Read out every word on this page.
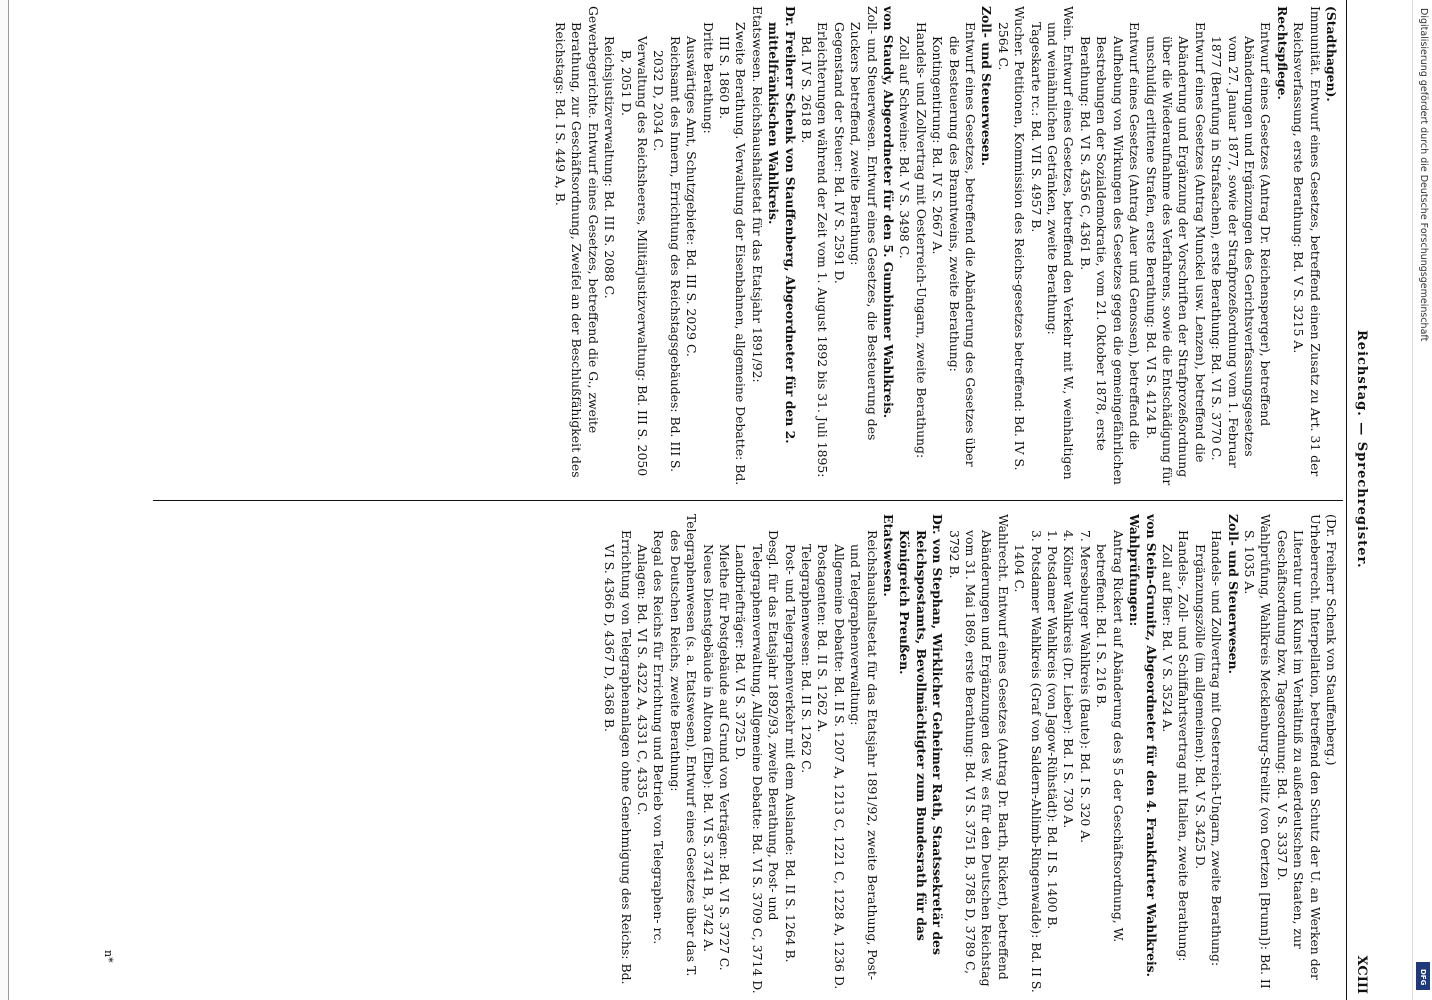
Reichstag. — Sprechregister.
XCIII

(Stadthagen).

Immunität. Entwurf eines Gesetzes, betreffend einen Zusatz zu Art. 31 der Reichsverfassung, erste Berathung: Bd. V S. 3215 A.

Rechtspflege.

Entwurf eines Gesetzes (Antrag Dr. Reichensperger), betreffend Abänderungen und Ergänzungen des Gerichtsverfassungsgesetzes vom 27. Januar 1877, sowie der Strafprozeßordnung vom 1. Februar 1877 (Berufung in Strafsachen), erste Berathung: Bd. VI S. 3770 C.

Entwurf eines Gesetzes (Antrag Munckel usw. Lenzen), betreffend die Abänderung und Ergänzung der Vorschriften der Strafprozeßordnung über die Wiederaufnahme des Verfahrens, sowie die Entschädigung für unschuldig erlittene Strafen, erste Berathung: Bd. VI S. 4124 B.

Entwurf eines Gesetzes (Antrag Auer und Genossen), betreffend die Aufhebung von Wirkungen des Gesetzes gegen die gemeingefährlichen Bestrebungen der Sozialdemokratie, vom 21. Oktober 1878, erste Berathung: Bd. VI S. 4356 C, 4361 B.

Wein. Entwurf eines Gesetzes, betreffend den Verkehr mit W., weinhaltigen und weinähnlichen Getränken, zweite Berathung:

Tageskarte rc.: Bd. VII S. 4957 B.

Wucher. Petitionen, Kommission des Reichs-gesetzes betreffend: Bd. IV S. 2564 C.

Zoll- und Steuerwesen.

Entwurf eines Gesetzes, betreffend die Abänderung des Gesetzes über die Besteuerung des Branntweins, zweite Berathung:

Kontingentirung: Bd. IV S. 2667 A.

Handels- und Zollvertrag mit Oesterreich-Ungarn, zweite Berathung:

Zoll auf Schweine: Bd. V S. 3498 C.

von Staudy, Abgeordneter für den 5. Gumbinner Wahlkreis.

Zoll- und Steuerwesen. Entwurf eines Gesetzes, die Besteuerung des Zuckers betreffend, zweite Berathung:

Gegenstand der Steuer: Bd. IV S. 2591 D.

Erleichterungen während der Zeit vom 1. August 1892 bis 31. Juli 1895: Bd. IV S. 2618 B.

Dr. Freiherr Schenk von Stauffenberg, Abgeordneter für den 2. mittelfränkischen Wahlkreis.

Etatswesen. Reichshaushaltsetat für das Etatsjahr 1891/92:

Zweite Berathung. Verwaltung der Eisenbahnen, allgemeine Debatte: Bd. III S. 1860 B.

Dritte Berathung:

Auswärtiges Amt, Schutzgebiete: Bd. III S. 2029 C.

Reichsamt des Innern, Errichtung des Reichstagsgebäudes: Bd. III S. 2032 D, 2034 C.

Verwaltung des Reichsheeres, Militärjustizverwaltung: Bd. III S. 2050 B, 2051 D.

Reichsjustizverwaltung: Bd. III S. 2088 C.

Gewerbegerichte. Entwurf eines Gesetzes, betreffend die G., zweite Berathung, zur Geschäftsordnung, Zweifel an der Beschlußfähigkeit des Reichstags: Bd. I S. 449 A, B.

(Dr. Freiherr Schenk von Stauffenberg.)

Urheberrecht. Interpellation, betreffend den Schutz der U. an Werken der Literatur und Kunst im Verhältniß zu außerdeutschen Staaten, zur Geschäftsordnung bzw. Tagesordnung: Bd. V S. 3337 D.

Wahlprüfung, Wahlkreis Mecklenburg-Strelitz (von Oertzen [Brunn]): Bd. II S. 1035 A.

Zoll- und Steuerwesen.

Handels- und Zollvertrag mit Oesterreich-Ungarn, zweite Berathung:

Ergänzungszölle (im allgemeinen): Bd. V S. 3425 D.

Handels-, Zoll- und Schiffahrtsvertrag mit Italien, zweite Berathung:

Zoll auf Bier: Bd. V S. 3524 A.

von Stein-Grunitz, Abgeordneter für den 4. Frankfurter Wahlkreis.

Wahlprüfungen:

Antrag Rickert auf Abänderung des § 5 der Geschäftsordnung, W. betreffend: Bd. I S. 216 B.

7. Merseburger Wahlkreis (Baute): Bd. I S. 320 A.

4. Kölner Wahlkreis (Dr. Lieber): Bd. I S. 730 A.

1. Potsdamer Wahlkreis (von Jagow-Rühstädt): Bd. II S. 1400 B.

3. Potsdamer Wahlkreis (Graf von Saldern-Ahlimb-Ringenwalde): Bd. II S. 1404 C.

Wahlrecht. Entwurf eines Gesetzes (Antrag Dr. Barth, Rickert), betreffend Abänderungen und Ergänzungen des W. es für den Deutschen Reichstag vom 31. Mai 1869, erste Berathung: Bd. VI S. 3751 B, 3785 D, 3789 C, 3792 B.

Dr. von Stephan, Wirklicher Geheimer Rath, Staatssekretär des Reichspostamts, Bevollmächtigter zum Bundesrath für das Königreich Preußen.

Etatswesen.

Reichshaushaltsetat für das Etatsjahr 1891/92, zweite Berathung, Post- und Telegraphenverwaltung:

Allgemeine Debatte: Bd. II S. 1207 A, 1213 C, 1221 C, 1228 A, 1236 D.

Postagenten: Bd. II S. 1262 A.

Telegraphenwesen: Bd. II S. 1262 C.

Post- und Telegraphenverkehr mit dem Auslande: Bd. II S. 1264 B.

Desgl. für das Etatsjahr 1892/93, zweite Berathung, Post- und Telegraphenverwaltung, Allgemeine Debatte: Bd. VI S. 3709 C, 3714 D.

Landbriefträger: Bd. VI S. 3725 D.

Miethe für Postgebäude auf Grund von Verträgen: Bd. VI S. 3727 C.

Neues Dienstgebäude in Altona (Elbe): Bd. VI S. 3741 B, 3742 A.

Telegraphenwesen (s. a. Etatswesen). Entwurf eines Gesetzes über das T. des Deutschen Reichs, zweite Berathung:

Regal des Reichs für Errichtung und Betrieb von Telegraphen- rc. Anlagen: Bd. VI S. 4322 A, 4331 C, 4335 C.

Errichtung von Telegraphenanlagen ohne Genehmigung des Reichs: Bd. VI S. 4366 D, 4367 D, 4368 B.

n*
Digitalisierung gefördert durch die Deutsche Forschungsgemeinschaft
DFG
